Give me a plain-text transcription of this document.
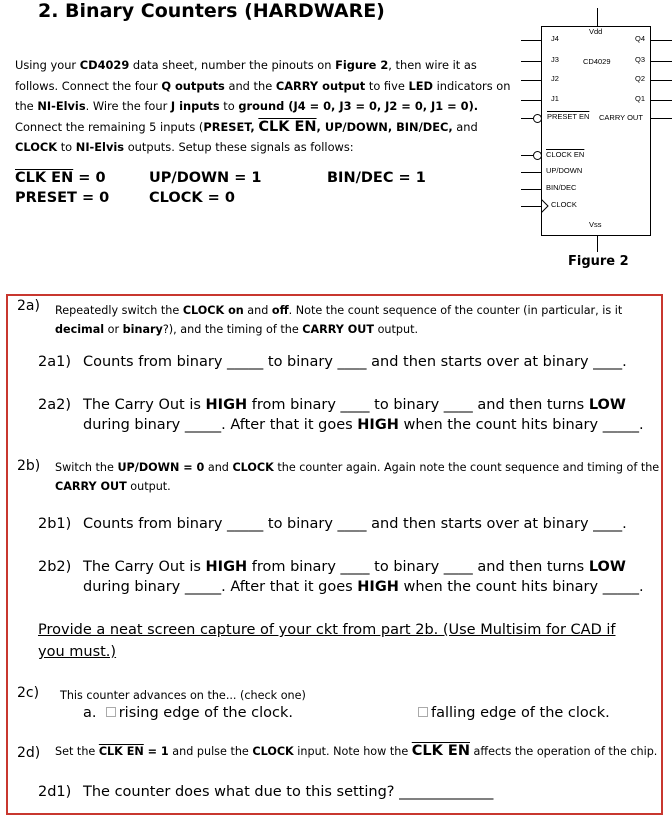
2. Binary Counters (HARDWARE)
Using your CD4029 data sheet, number the pinouts on Figure 2, then wire it as follows. Connect the four Q outputs and the CARRY output to five LED indicators on the NI-Elvis. Wire the four J inputs to ground (J4 = 0, J3 = 0, J2 = 0, J1 = 0). Connect the remaining 5 inputs (PRESET, CLK EN, UP/DOWN, BIN/DEC, and CLOCK to NI-Elvis outputs. Setup these signals as follows:
CLK EN = 0	UP/DOWN = 1	BIN/DEC = 1
PRESET = 0	CLOCK = 0
Vdd
CD4029
Vss
J4
J3
J2
J1
PRESET EN
CLOCK EN
UP/DOWN
BIN/DEC
CLOCK
Q4
Q3
Q2
Q1
CARRY OUT
Figure 2
2a) Repeatedly switch the CLOCK on and off. Note the count sequence of the counter (in particular, is it decimal or binary?), and the timing of the CARRY OUT output.
2a1) Counts from binary _____ to binary ____ and then starts over at binary ____.
2a2) The Carry Out is HIGH from binary ____ to binary ____ and then turns LOW
during binary _____. After that it goes HIGH when the count hits binary _____.
2b) Switch the UP/DOWN = 0 and CLOCK the counter again. Again note the count sequence and timing of the CARRY OUT output.
2b1) Counts from binary _____ to binary ____ and then starts over at binary ____.
2b2) The Carry Out is HIGH from binary ____ to binary ____ and then turns LOW
during binary _____. After that it goes HIGH when the count hits binary _____.
Provide a neat screen capture of your ckt from part 2b. (Use Multisim for CAD if you must.)
2c) This counter advances on the... (check one)
a. rising edge of the clock.	falling edge of the clock.
2d) Set the CLK EN = 1 and pulse the CLOCK input. Note how the CLK EN affects the operation of the chip.
2d1) The counter does what due to this setting? _____________
